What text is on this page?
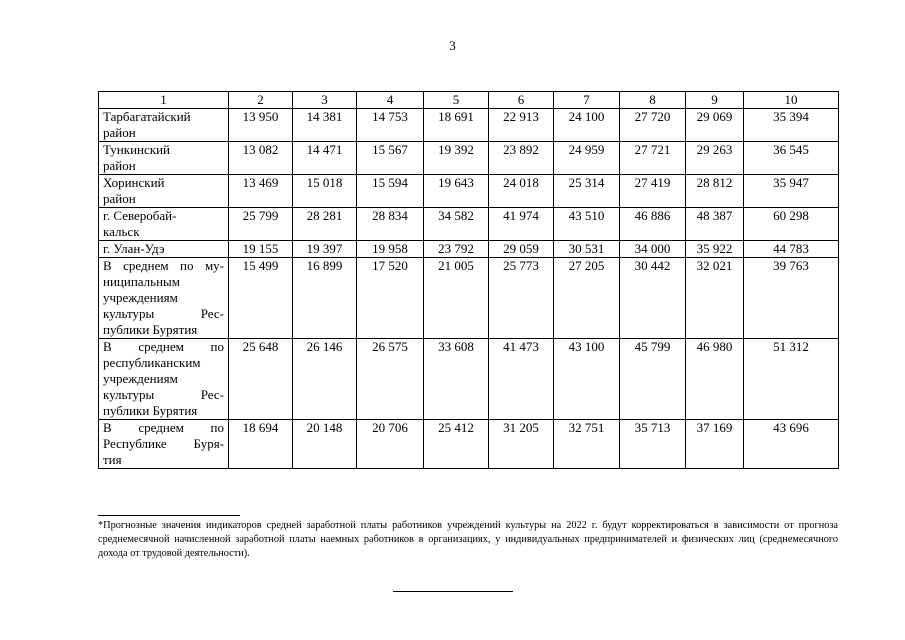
3
1	2	3	4	5	6	7	8	9	10

Тарбагатайский
район	13 950	14 381	14 753	18 691	22 913	24 100	27 720	29 069	35 394

Тункинский
район	13 082	14 471	15 567	19 392	23 892	24 959	27 721	29 263	36 545

Хоринский
район	13 469	15 018	15 594	19 643	24 018	25 314	27 419	28 812	35 947

г. Северобай-
кальск	25 799	28 281	28 834	34 582	41 974	43 510	46 886	48 387	60 298

г. Улан-Удэ	19 155	19 397	19 958	23 792	29 059	30 531	34 000	35 922	44 783

В среднем по му-
ниципальным
учреждениям
культуры Рес-
публики Бурятия	15 499	16 899	17 520	21 005	25 773	27 205	30 442	32 021	39 763

В среднем по
республиканским
учреждениям
культуры Рес-
публики Бурятия	25 648	26 146	26 575	33 608	41 473	43 100	45 799	46 980	51 312

В среднем по
Республике Буря-
тия	18 694	20 148	20 706	25 412	31 205	32 751	35 713	37 169	43 696
*Прогнозные значения индикаторов средней заработной платы работников учреждений культуры на 2022 г. будут корректироваться в зависимости от прогноза среднемесячной начисленной заработной платы наемных работников в организациях, у индивидуальных предпринимателей и физических лиц (среднемесячного дохода от трудовой деятельности).
